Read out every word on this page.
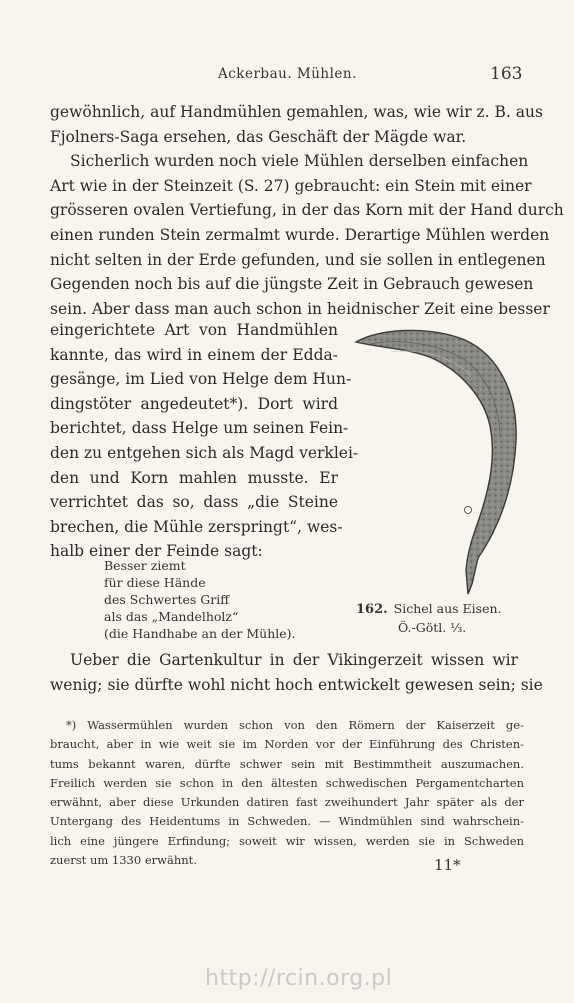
Ackerbau. Mühlen.	163
gewöhnlich, auf Handmühlen gemahlen, was, wie wir z. B. aus
Fjolners-Saga ersehen, das Geschäft der Mägde war.
Sicherlich wurden noch viele Mühlen derselben einfachen
Art wie in der Steinzeit (S. 27) gebraucht: ein Stein mit einer
grösseren ovalen Vertiefung, in der das Korn mit der Hand durch
einen runden Stein zermalmt wurde. Derartige Mühlen werden
nicht selten in der Erde gefunden, und sie sollen in entlegenen
Gegenden noch bis auf die jüngste Zeit in Gebrauch gewesen
sein. Aber dass man auch schon in heidnischer Zeit eine besser
eingerichtete Art von Handmühlen
kannte, das wird in einem der Edda-
gesänge, im Lied von Helge dem Hun-
dingstöter angedeutet*). Dort wird
berichtet, dass Helge um seinen Fein-
den zu entgehen sich als Magd verklei-
den und Korn mahlen musste. Er
verrichtet das so, dass „die Steine
brechen, die Mühle zerspringt“, wes-
halb einer der Feinde sagt:
Besser ziemt
für diese Hände
des Schwertes Griff
als das „Mandelholz“
(die Handhabe an der Mühle).
162. Sichel aus Eisen.
Ö.-Götl. ⅓.
Ueber die Gartenkultur in der Vikingerzeit wissen wir
wenig; sie dürfte wohl nicht hoch entwickelt gewesen sein; sie
*) Wassermühlen wurden schon von den Römern der Kaiserzeit ge-
braucht, aber in wie weit sie im Norden vor der Einführung des Christen-
tums bekannt waren, dürfte schwer sein mit Bestimmtheit auszumachen.
Freilich werden sie schon in den ältesten schwedischen Pergamentcharten
erwähnt, aber diese Urkunden datiren fast zweihundert Jahr später als der
Untergang des Heidentums in Schweden. — Windmühlen sind wahrschein-
lich eine jüngere Erfindung; soweit wir wissen, werden sie in Schweden
zuerst um 1330 erwähnt.	11*
http://rcin.org.pl
